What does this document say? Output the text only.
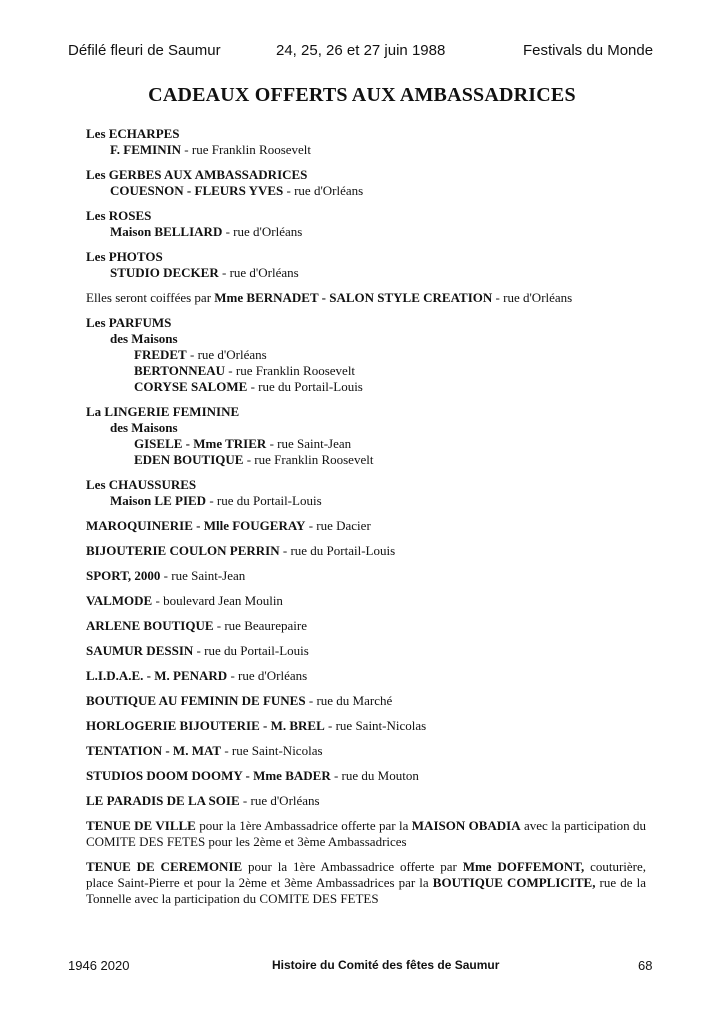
Défilé fleuri de Saumur	24, 25, 26 et 27 juin 1988	Festivals du Monde
CADEAUX OFFERTS AUX AMBASSADRICES
Les ECHARPES
F. FEMININ - rue Franklin Roosevelt
Les GERBES AUX AMBASSADRICES
COUESNON - FLEURS YVES - rue d'Orléans
Les ROSES
Maison BELLIARD - rue d'Orléans
Les PHOTOS
STUDIO DECKER - rue d'Orléans
Elles seront coiffées par Mme BERNADET - SALON STYLE CREATION - rue d'Orléans
Les PARFUMS
des Maisons
FREDET - rue d'Orléans
BERTONNEAU - rue Franklin Roosevelt
CORYSE SALOME - rue du Portail-Louis
La LINGERIE FEMININE
des Maisons
GISELE - Mme TRIER - rue Saint-Jean
EDEN BOUTIQUE - rue Franklin Roosevelt
Les CHAUSSURES
Maison LE PIED - rue du Portail-Louis
MAROQUINERIE - Mlle FOUGERAY - rue Dacier
BIJOUTERIE COULON PERRIN - rue du Portail-Louis
SPORT, 2000 - rue Saint-Jean
VALMODE - boulevard Jean Moulin
ARLENE BOUTIQUE - rue Beaurepaire
SAUMUR DESSIN - rue du Portail-Louis
L.I.D.A.E. - M. PENARD - rue d'Orléans
BOUTIQUE AU FEMININ DE FUNES - rue du Marché
HORLOGERIE BIJOUTERIE - M. BREL - rue Saint-Nicolas
TENTATION - M. MAT - rue Saint-Nicolas
STUDIOS DOOM DOOMY - Mme BADER - rue du Mouton
LE PARADIS DE LA SOIE - rue d'Orléans
TENUE DE VILLE pour la 1ère Ambassadrice offerte par la MAISON OBADIA avec la participation du COMITE DES FETES pour les 2ème et 3ème Ambassadrices
TENUE DE CEREMONIE pour la 1ère Ambassadrice offerte par Mme DOFFEMONT, couturière, place Saint-Pierre et pour la 2ème et 3ème Ambassadrices par la BOUTIQUE COMPLICITE, rue de la Tonnelle avec la participation du COMITE DES FETES
1946 2020	Histoire du Comité des fêtes de Saumur	68
